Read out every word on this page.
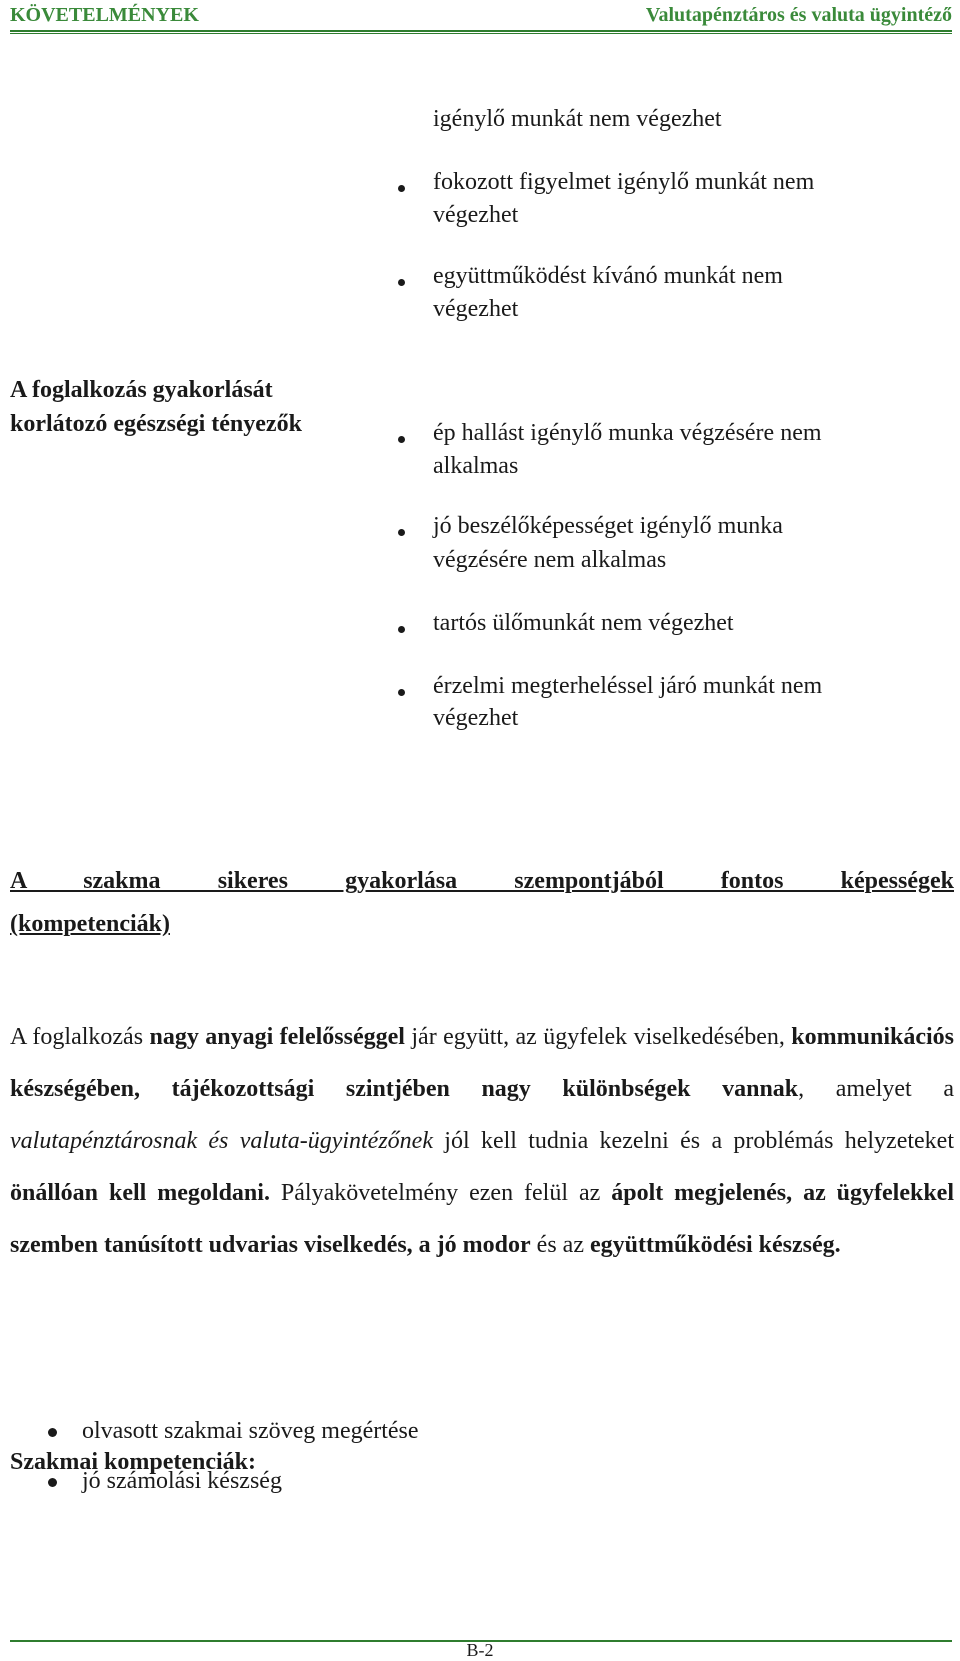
KÖVETELMÉNYEK	Valutapénztáros és valuta ügyintéző
igénylő munkát nem végezhet
fokozott figyelmet igénylő munkát nem
végezhet
együttműködést kívánó munkát nem
végezhet
A foglalkozás gyakorlását
korlátozó egészségi tényezők	ép hallást igénylő munka végzésére nem
alkalmas
jó beszélőképességet igénylő munka
végzésére nem alkalmas
tartós ülőmunkát nem végezhet
érzelmi megterheléssel járó munkát nem
végezhet
A szakma sikeres gyakorlása szempontjából fontos képességek
(kompetenciák)
A foglalkozás nagy anyagi felelősséggel jár együtt, az ügyfelek viselkedésében, kommunikációs készségében, tájékozottsági szintjében nagy különbségek vannak, amelyet a valutapénztárosnak és valuta-ügyintézőnek jól kell tudnia kezelni és a problémás helyzeteket önállóan kell megoldani. Pályakövetelmény ezen felül az ápolt megjelenés, az ügyfelekkel szemben tanúsított udvarias viselkedés, a jó modor és az együttműködési készség.
Szakmai kompetenciák:
olvasott szakmai szöveg megértése
jó számolási készség
B-2
